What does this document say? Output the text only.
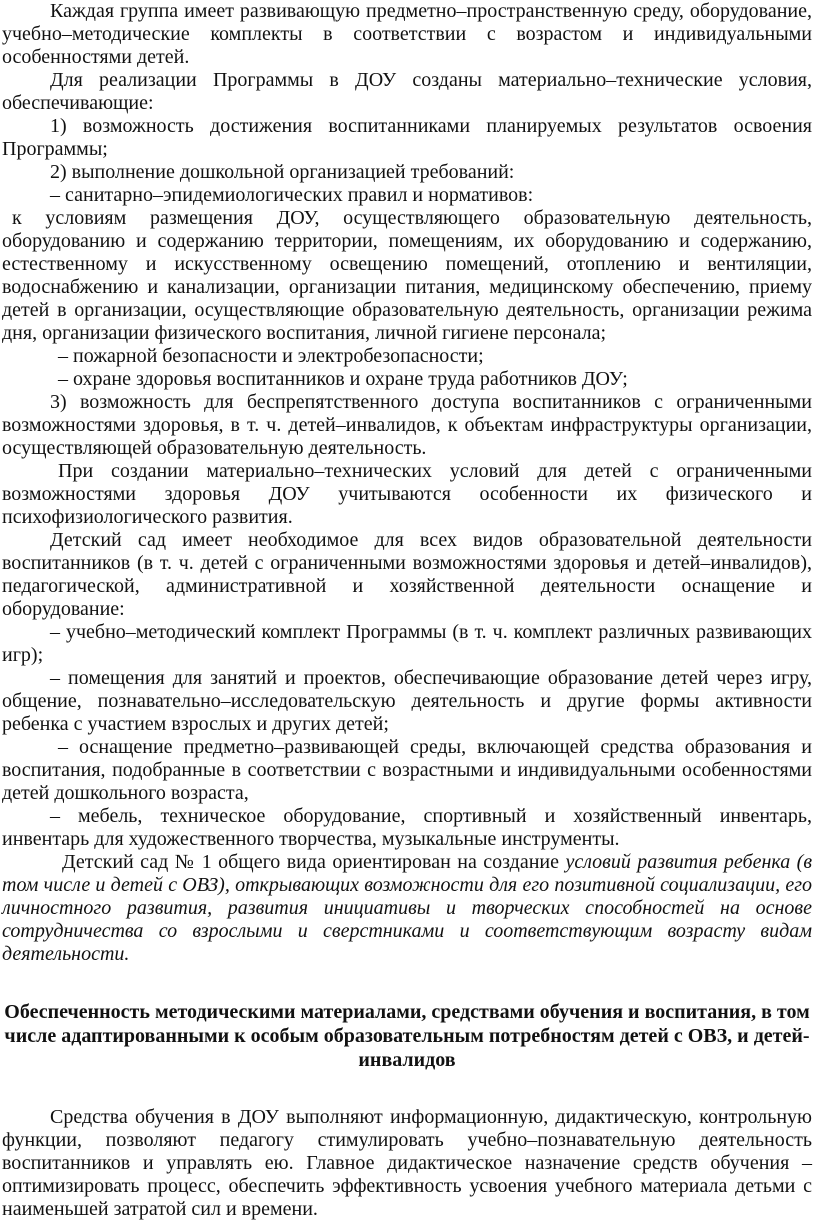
Каждая группа имеет развивающую предметно–пространственную среду, оборудование, учебно–методические комплекты в соответствии с возрастом и индивидуальными особенностями детей.

Для реализации Программы в ДОУ созданы материально–технические условия, обеспечивающие:

1) возможность достижения воспитанниками планируемых результатов освоения Программы;

2) выполнение дошкольной организацией требований:

– санитарно–эпидемиологических правил и нормативов:

к условиям размещения ДОУ, осуществляющего образовательную деятельность, оборудованию и содержанию территории, помещениям, их оборудованию и содержанию, естественному и искусственному освещению помещений, отоплению и вентиляции, водоснабжению и канализации, организации питания, медицинскому обеспечению, приему детей в организации, осуществляющие образовательную деятельность, организации режима дня, организации физического воспитания, личной гигиене персонала;

– пожарной безопасности и электробезопасности;

– охране здоровья воспитанников и охране труда работников ДОУ;

3) возможность для беспрепятственного доступа воспитанников с ограниченными возможностями здоровья, в т. ч. детей–инвалидов, к объектам инфраструктуры организации, осуществляющей образовательную деятельность.

При создании материально–технических условий для детей с ограниченными возможностями здоровья ДОУ учитываются особенности их физического и психофизиологического развития.

Детский сад имеет необходимое для всех видов образовательной деятельности воспитанников (в т. ч. детей с ограниченными возможностями здоровья и детей–инвалидов), педагогической, административной и хозяйственной деятельности оснащение и оборудование:

– учебно–методический комплект Программы (в т. ч. комплект различных развивающих игр);

– помещения для занятий и проектов, обеспечивающие образование детей через игру, общение, познавательно–исследовательскую деятельность и другие формы активности ребенка с участием взрослых и других детей;

– оснащение предметно–развивающей среды, включающей средства образования и воспитания, подобранные в соответствии с возрастными и индивидуальными особенностями детей дошкольного возраста,

– мебель, техническое оборудование, спортивный и хозяйственный инвентарь, инвентарь для художественного творчества, музыкальные инструменты.

Детский сад № 1 общего вида ориентирован на создание условий развития ребенка (в том числе и детей с ОВЗ), открывающих возможности для его позитивной социализации, его личностного развития, развития инициативы и творческих способностей на основе сотрудничества со взрослыми и сверстниками и соответствующим возрасту видам деятельности.

Обеспеченность методическими материалами, средствами обучения и воспитания, в том числе адаптированными к особым образовательным потребностям детей с ОВЗ, и детей-инвалидов

Средства обучения в ДОУ выполняют информационную, дидактическую, контрольную функции, позволяют педагогу стимулировать учебно–познавательную деятельность воспитанников и управлять ею. Главное дидактическое назначение средств обучения – оптимизировать процесс, обеспечить эффективность усвоения учебного материала детьми с наименьшей затратой сил и времени.
